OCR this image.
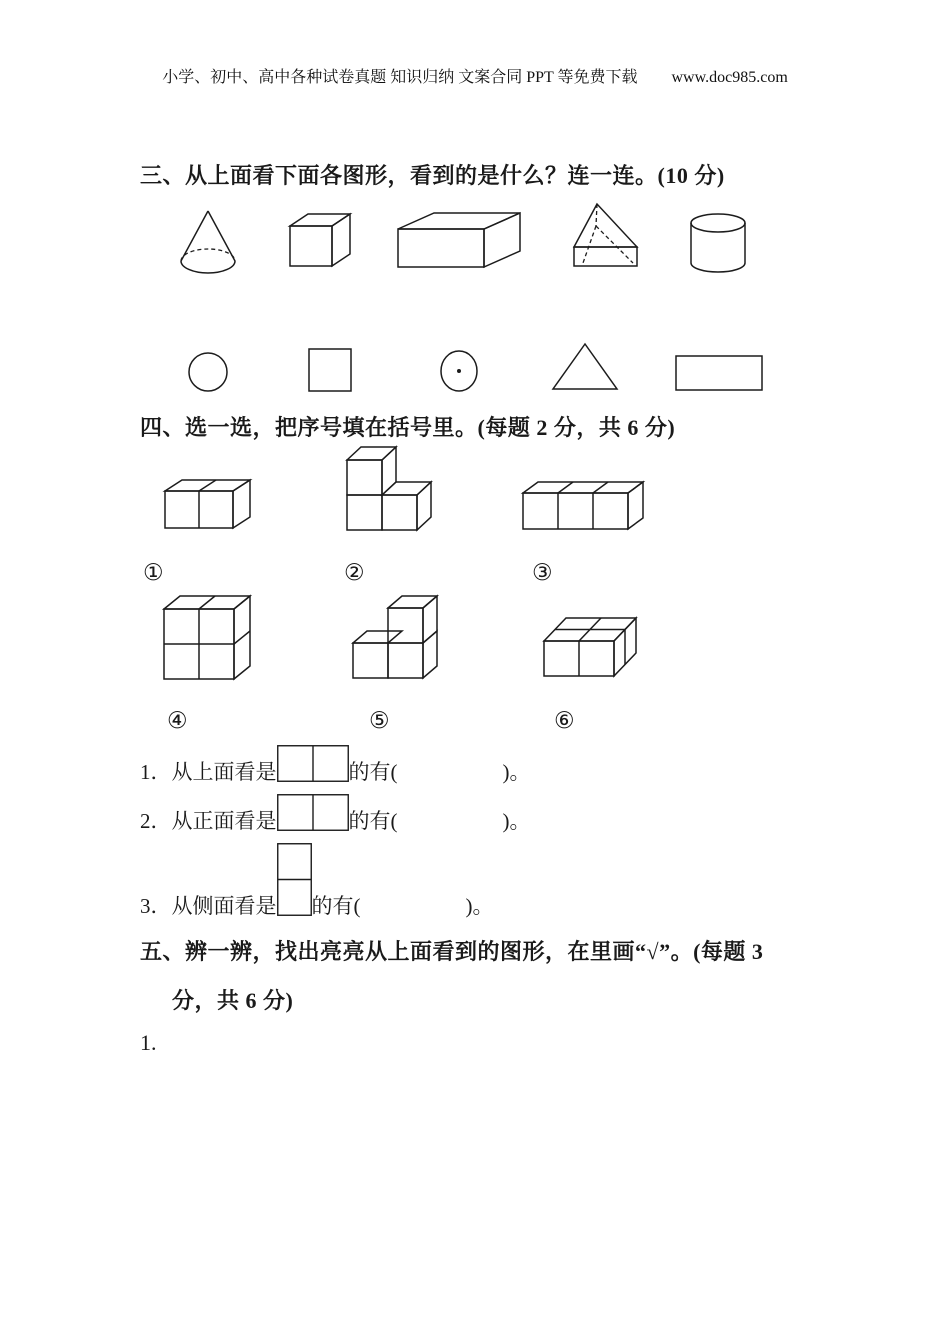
小学、初中、高中各种试卷真题 知识归纳 文案合同 PPT 等免费下载 www.doc985.com
三、从上面看下面各图形，看到的是什么？连一连。(10 分)
四、选一选，把序号填在括号里。(每题 2 分，共 6 分)
①	②	③
④	⑤	⑥
1．从上面看是	的有(　　　　　)。
2．从正面看是	的有(　　　　　)。
3．从侧面看是 的有(　　　　　)。
五、辨一辨，找出亮亮从上面看到的图形，在里画“√”。(每题 3
分，共 6 分)
1.
